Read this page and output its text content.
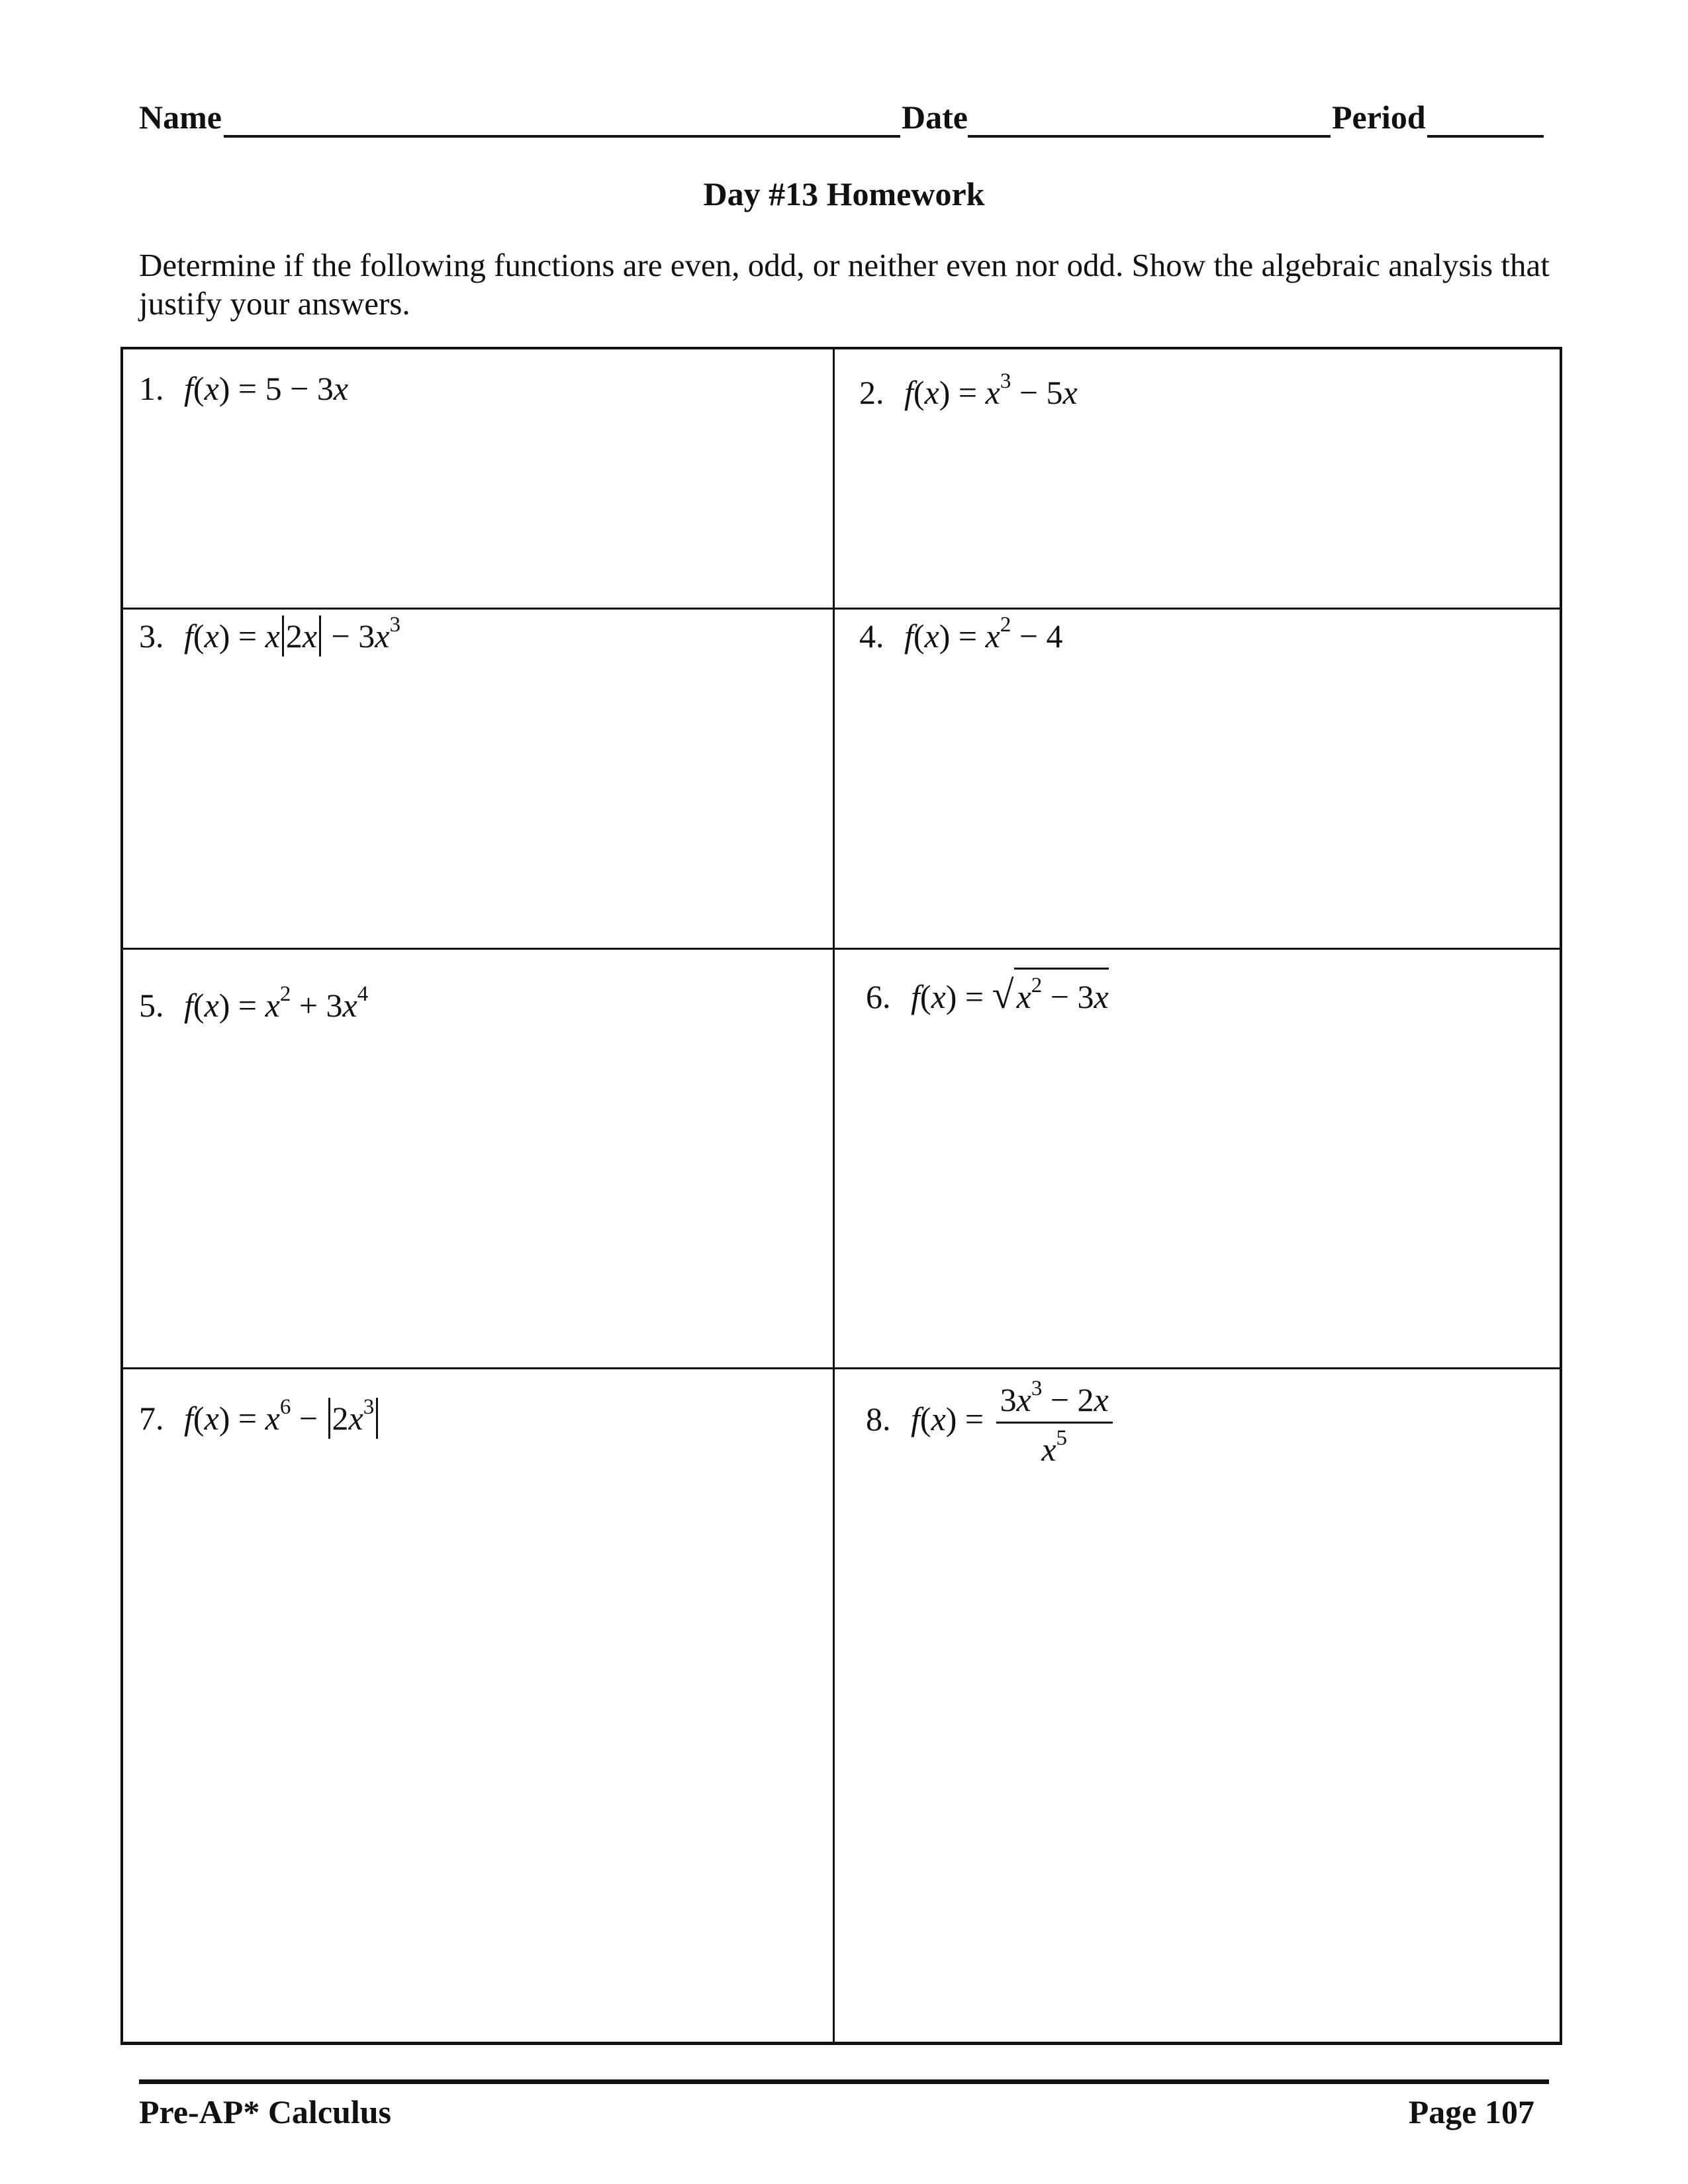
Name	Date	Period
Day #13 Homework
Determine if the following functions are even, odd, or neither even nor odd. Show the algebraic analysis that justify your answers.
1. f(x) = 5 − 3x	2. $f(x) = x^3 - 5x$
3. f(x) = x $2x - 3x^3$	4. $f(x) = x^2 - 4$
5. $f(x) = x^2 + 3x^4$	6. $f(x) = √x^2 - 3x$
7. $f(x) = x^6 - 2x^3$	8. $f(x) = \frac{3x^3 - 2x}{x^5}$
Pre-AP* Calculus	Page 107
